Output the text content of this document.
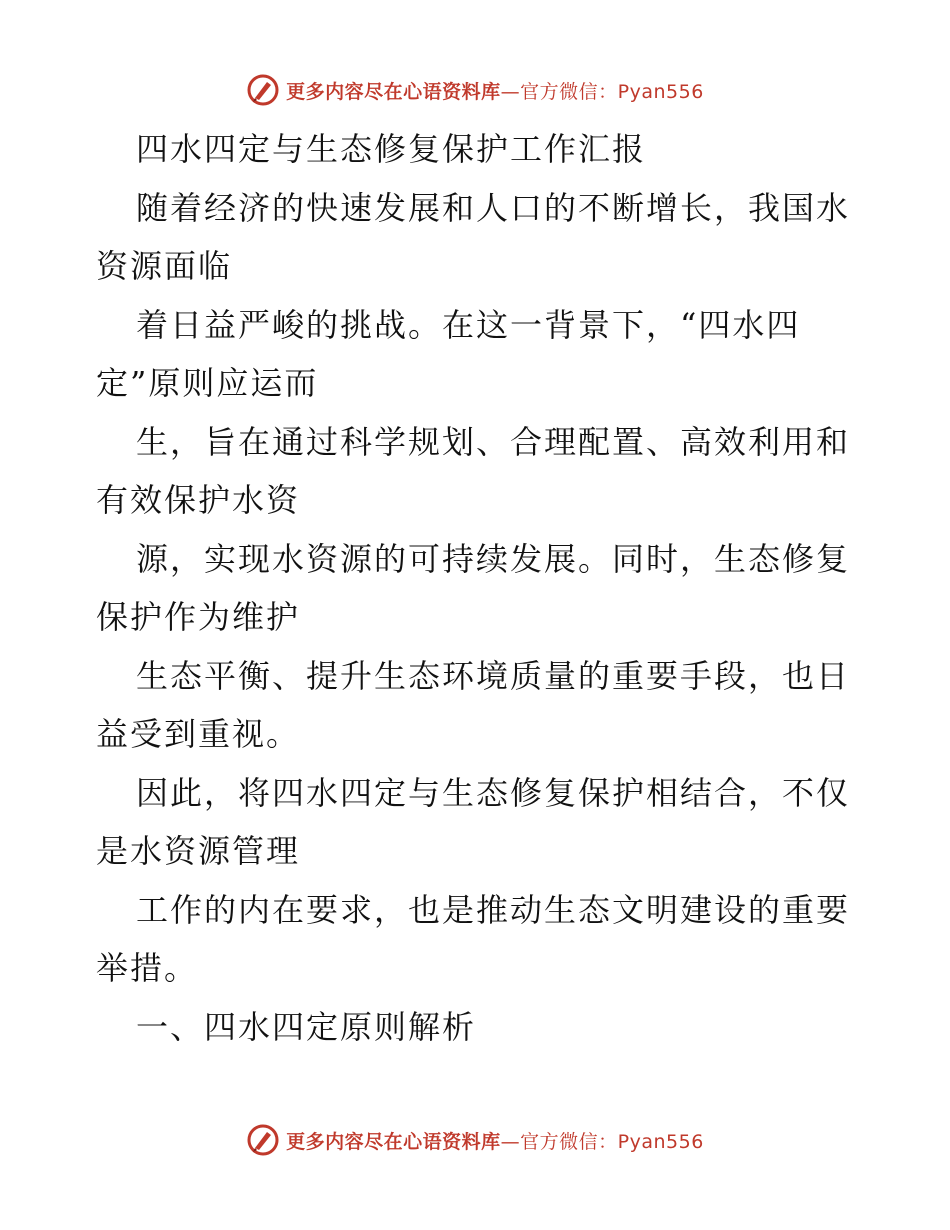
更多内容尽在心语资料库—官方微信：Pyan556
四水四定与生态修复保护工作汇报
随着经济的快速发展和人口的不断增长，我国水
资源面临
着日益严峻的挑战。在这一背景下，“四水四
定”原则应运而
生，旨在通过科学规划、合理配置、高效利用和
有效保护水资
源，实现水资源的可持续发展。同时，生态修复
保护作为维护
生态平衡、提升生态环境质量的重要手段，也日
益受到重视。
因此，将四水四定与生态修复保护相结合，不仅
是水资源管理
工作的内在要求，也是推动生态文明建设的重要
举措。
一、四水四定原则解析
更多内容尽在心语资料库—官方微信：Pyan556
